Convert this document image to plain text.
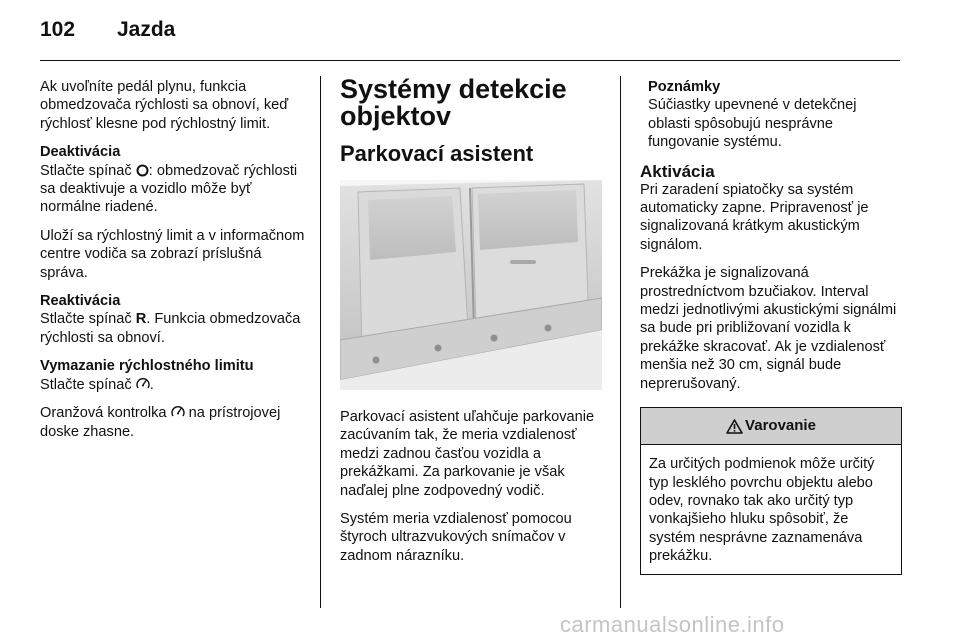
102 Jazda

Ak uvoľníte pedál plynu, funkcia obmedzovača rýchlosti sa obnoví, keď rýchlosť klesne pod rýchlostný limit.

Deaktivácia

Stlačte spínač : obmedzovač rýchlosti sa deaktivuje a vozidlo môže byť normálne riadené.

Uloží sa rýchlostný limit a v informačnom centre vodiča sa zobrazí príslušná správa.

Reaktivácia

Stlačte spínač R. Funkcia obmedzovača rýchlosti sa obnoví.

Vymazanie rýchlostného limitu

Stlačte spínač .

Oranžová kontrolka  na prístrojovej doske zhasne.

Systémy detekcie objektov
Parkovací asistent

Parkovací asistent uľahčuje parkovanie zacúvaním tak, že meria vzdialenosť medzi zadnou časťou vozidla a prekážkami. Za parkovanie je však naďalej plne zodpovedný vodič.

Systém meria vzdialenosť pomocou štyroch ultrazvukových snímačov v zadnom nárazníku.

Poznámky

Súčiastky upevnené v detekčnej oblasti spôsobujú nesprávne fungovanie systému.

Aktivácia

Pri zaradení spiatočky sa systém automaticky zapne. Pripravenosť je signalizovaná krátkym akustickým signálom.

Prekážka je signalizovaná prostredníctvom bzučiakov. Interval medzi jednotlivými akustickými signálmi sa bude pri približovaní vozidla k prekážke skracovať. Ak je vzdialenosť menšia než 30 cm, signál bude neprerušovaný.

Varovanie
Za určitých podmienok môže určitý typ lesklého povrchu objektu alebo odev, rovnako tak ako určitý typ vonkajšieho hluku spôsobiť, že systém nesprávne zaznamenáva prekážku.
carmanualsonline.info
